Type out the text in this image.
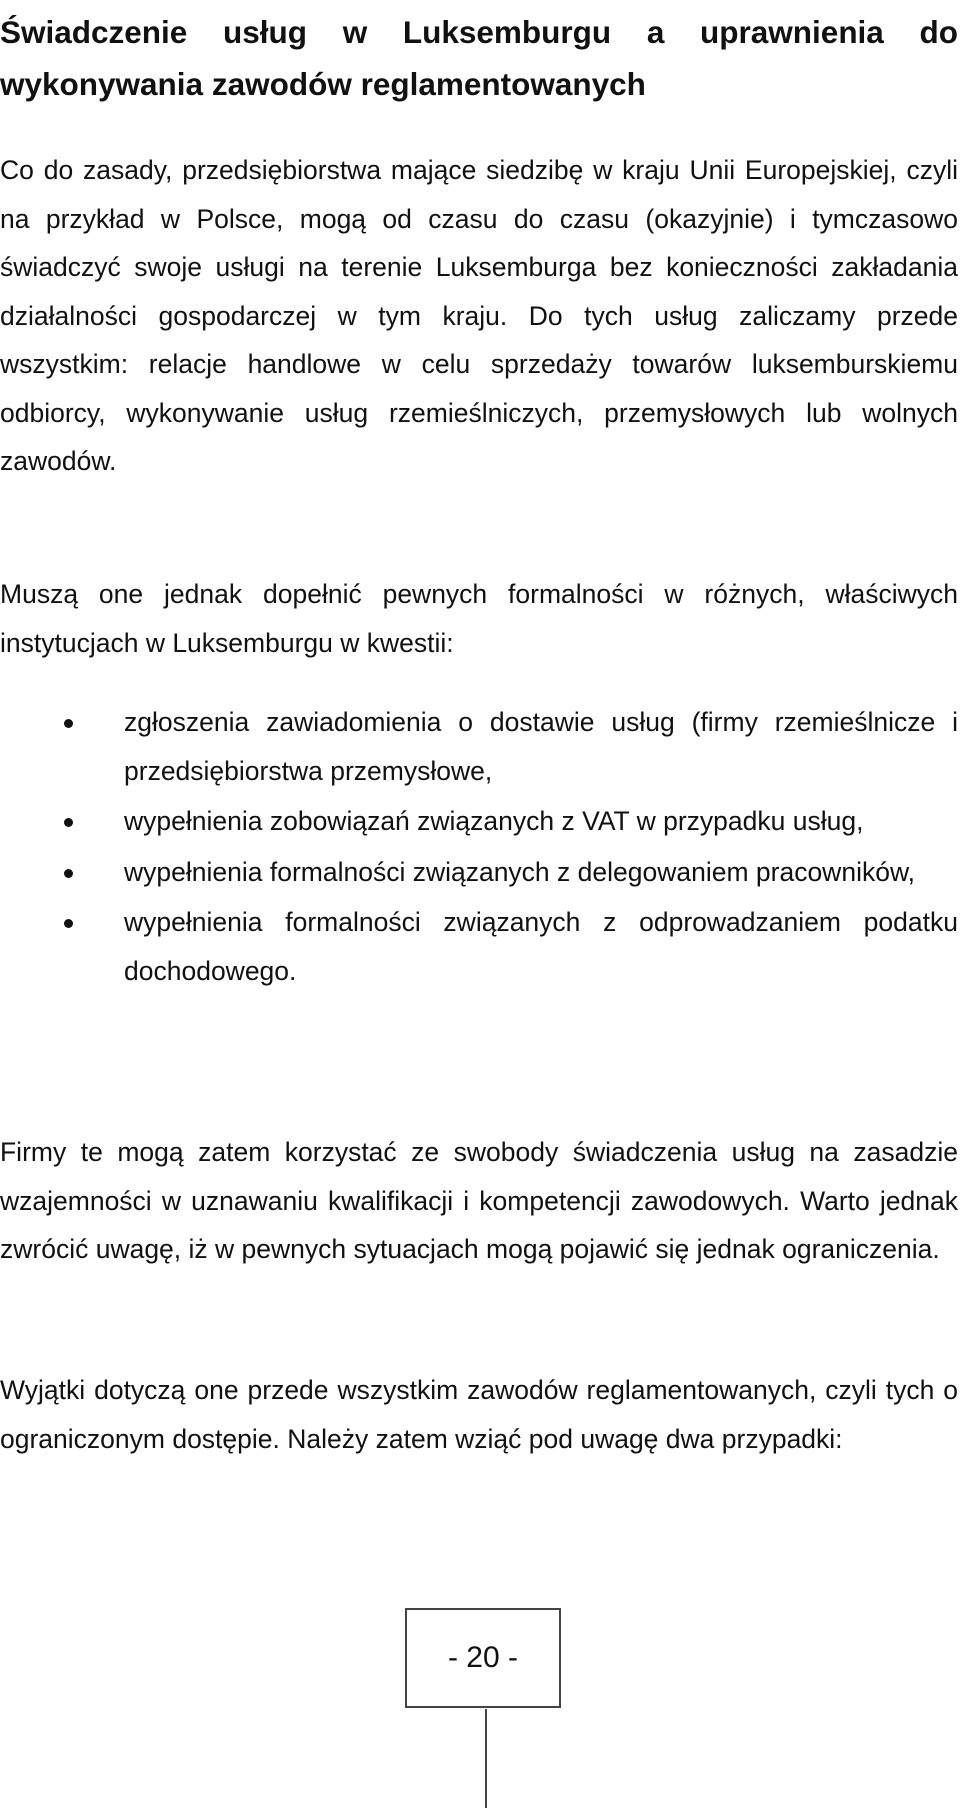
Świadczenie usług w Luksemburgu a uprawnienia do wykonywania zawodów reglamentowanych

Co do zasady, przedsiębiorstwa mające siedzibę w kraju Unii Europejskiej, czyli na przykład w Polsce, mogą od czasu do czasu (okazyjnie) i tymczasowo świadczyć swoje usługi na terenie Luksemburga bez konieczności zakładania działalności gospodarczej w tym kraju. Do tych usług zaliczamy przede wszystkim: relacje handlowe w celu sprzedaży towarów luksemburskiemu odbiorcy, wykonywanie usług rzemieślniczych, przemysłowych lub wolnych zawodów.

Muszą one jednak dopełnić pewnych formalności w różnych, właściwych instytucjach w Luksemburgu w kwestii:

zgłoszenia zawiadomienia o dostawie usług (firmy rzemieślnicze i przedsiębiorstwa przemysłowe,
wypełnienia zobowiązań związanych z VAT w przypadku usług,
wypełnienia formalności związanych z delegowaniem pracowników,
wypełnienia formalności związanych z odprowadzaniem podatku dochodowego.

Firmy te mogą zatem korzystać ze swobody świadczenia usług na zasadzie wzajemności w uznawaniu kwalifikacji i kompetencji zawodowych. Warto jednak zwrócić uwagę, iż w pewnych sytuacjach mogą pojawić się jednak ograniczenia.

Wyjątki dotyczą one przede wszystkim zawodów reglamentowanych, czyli tych o ograniczonym dostępie. Należy zatem wziąć pod uwagę dwa przypadki:

- 20 -
